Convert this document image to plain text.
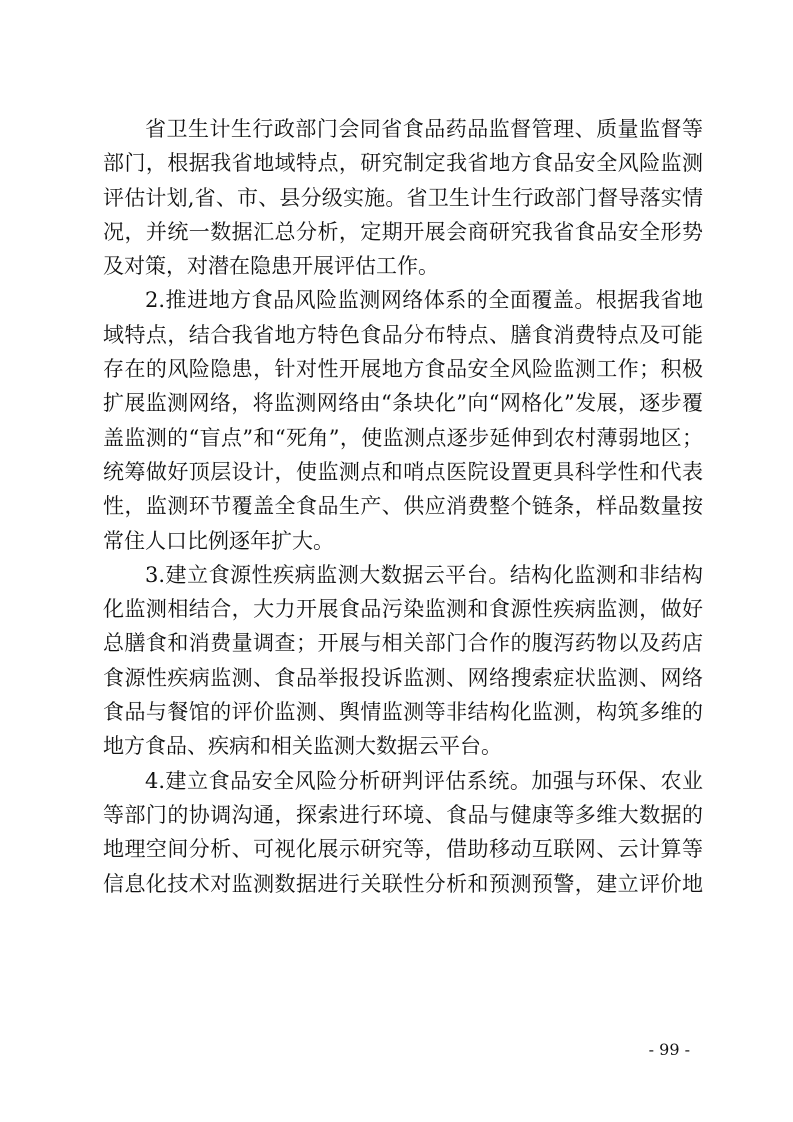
省卫生计生行政部门会同省食品药品监督管理、质量监督等
部门，根据我省地域特点，研究制定我省地方食品安全风险监测
评估计划,省、市、县分级实施。省卫生计生行政部门督导落实情
况，并统一数据汇总分析，定期开展会商研究我省食品安全形势
及对策，对潜在隐患开展评估工作。
2.推进地方食品风险监测网络体系的全面覆盖。根据我省地
域特点，结合我省地方特色食品分布特点、膳食消费特点及可能
存在的风险隐患，针对性开展地方食品安全风险监测工作；积极
扩展监测网络，将监测网络由“条块化”向“网格化”发展，逐步覆
盖监测的“盲点”和“死角”，使监测点逐步延伸到农村薄弱地区；
统筹做好顶层设计，使监测点和哨点医院设置更具科学性和代表
性，监测环节覆盖全食品生产、供应消费整个链条，样品数量按
常住人口比例逐年扩大。
3.建立食源性疾病监测大数据云平台。结构化监测和非结构
化监测相结合，大力开展食品污染监测和食源性疾病监测，做好
总膳食和消费量调查；开展与相关部门合作的腹泻药物以及药店
食源性疾病监测、食品举报投诉监测、网络搜索症状监测、网络
食品与餐馆的评价监测、舆情监测等非结构化监测，构筑多维的
地方食品、疾病和相关监测大数据云平台。
4.建立食品安全风险分析研判评估系统。加强与环保、农业
等部门的协调沟通，探索进行环境、食品与健康等多维大数据的
地理空间分析、可视化展示研究等，借助移动互联网、云计算等
信息化技术对监测数据进行关联性分析和预测预警，建立评价地
- 99 -
